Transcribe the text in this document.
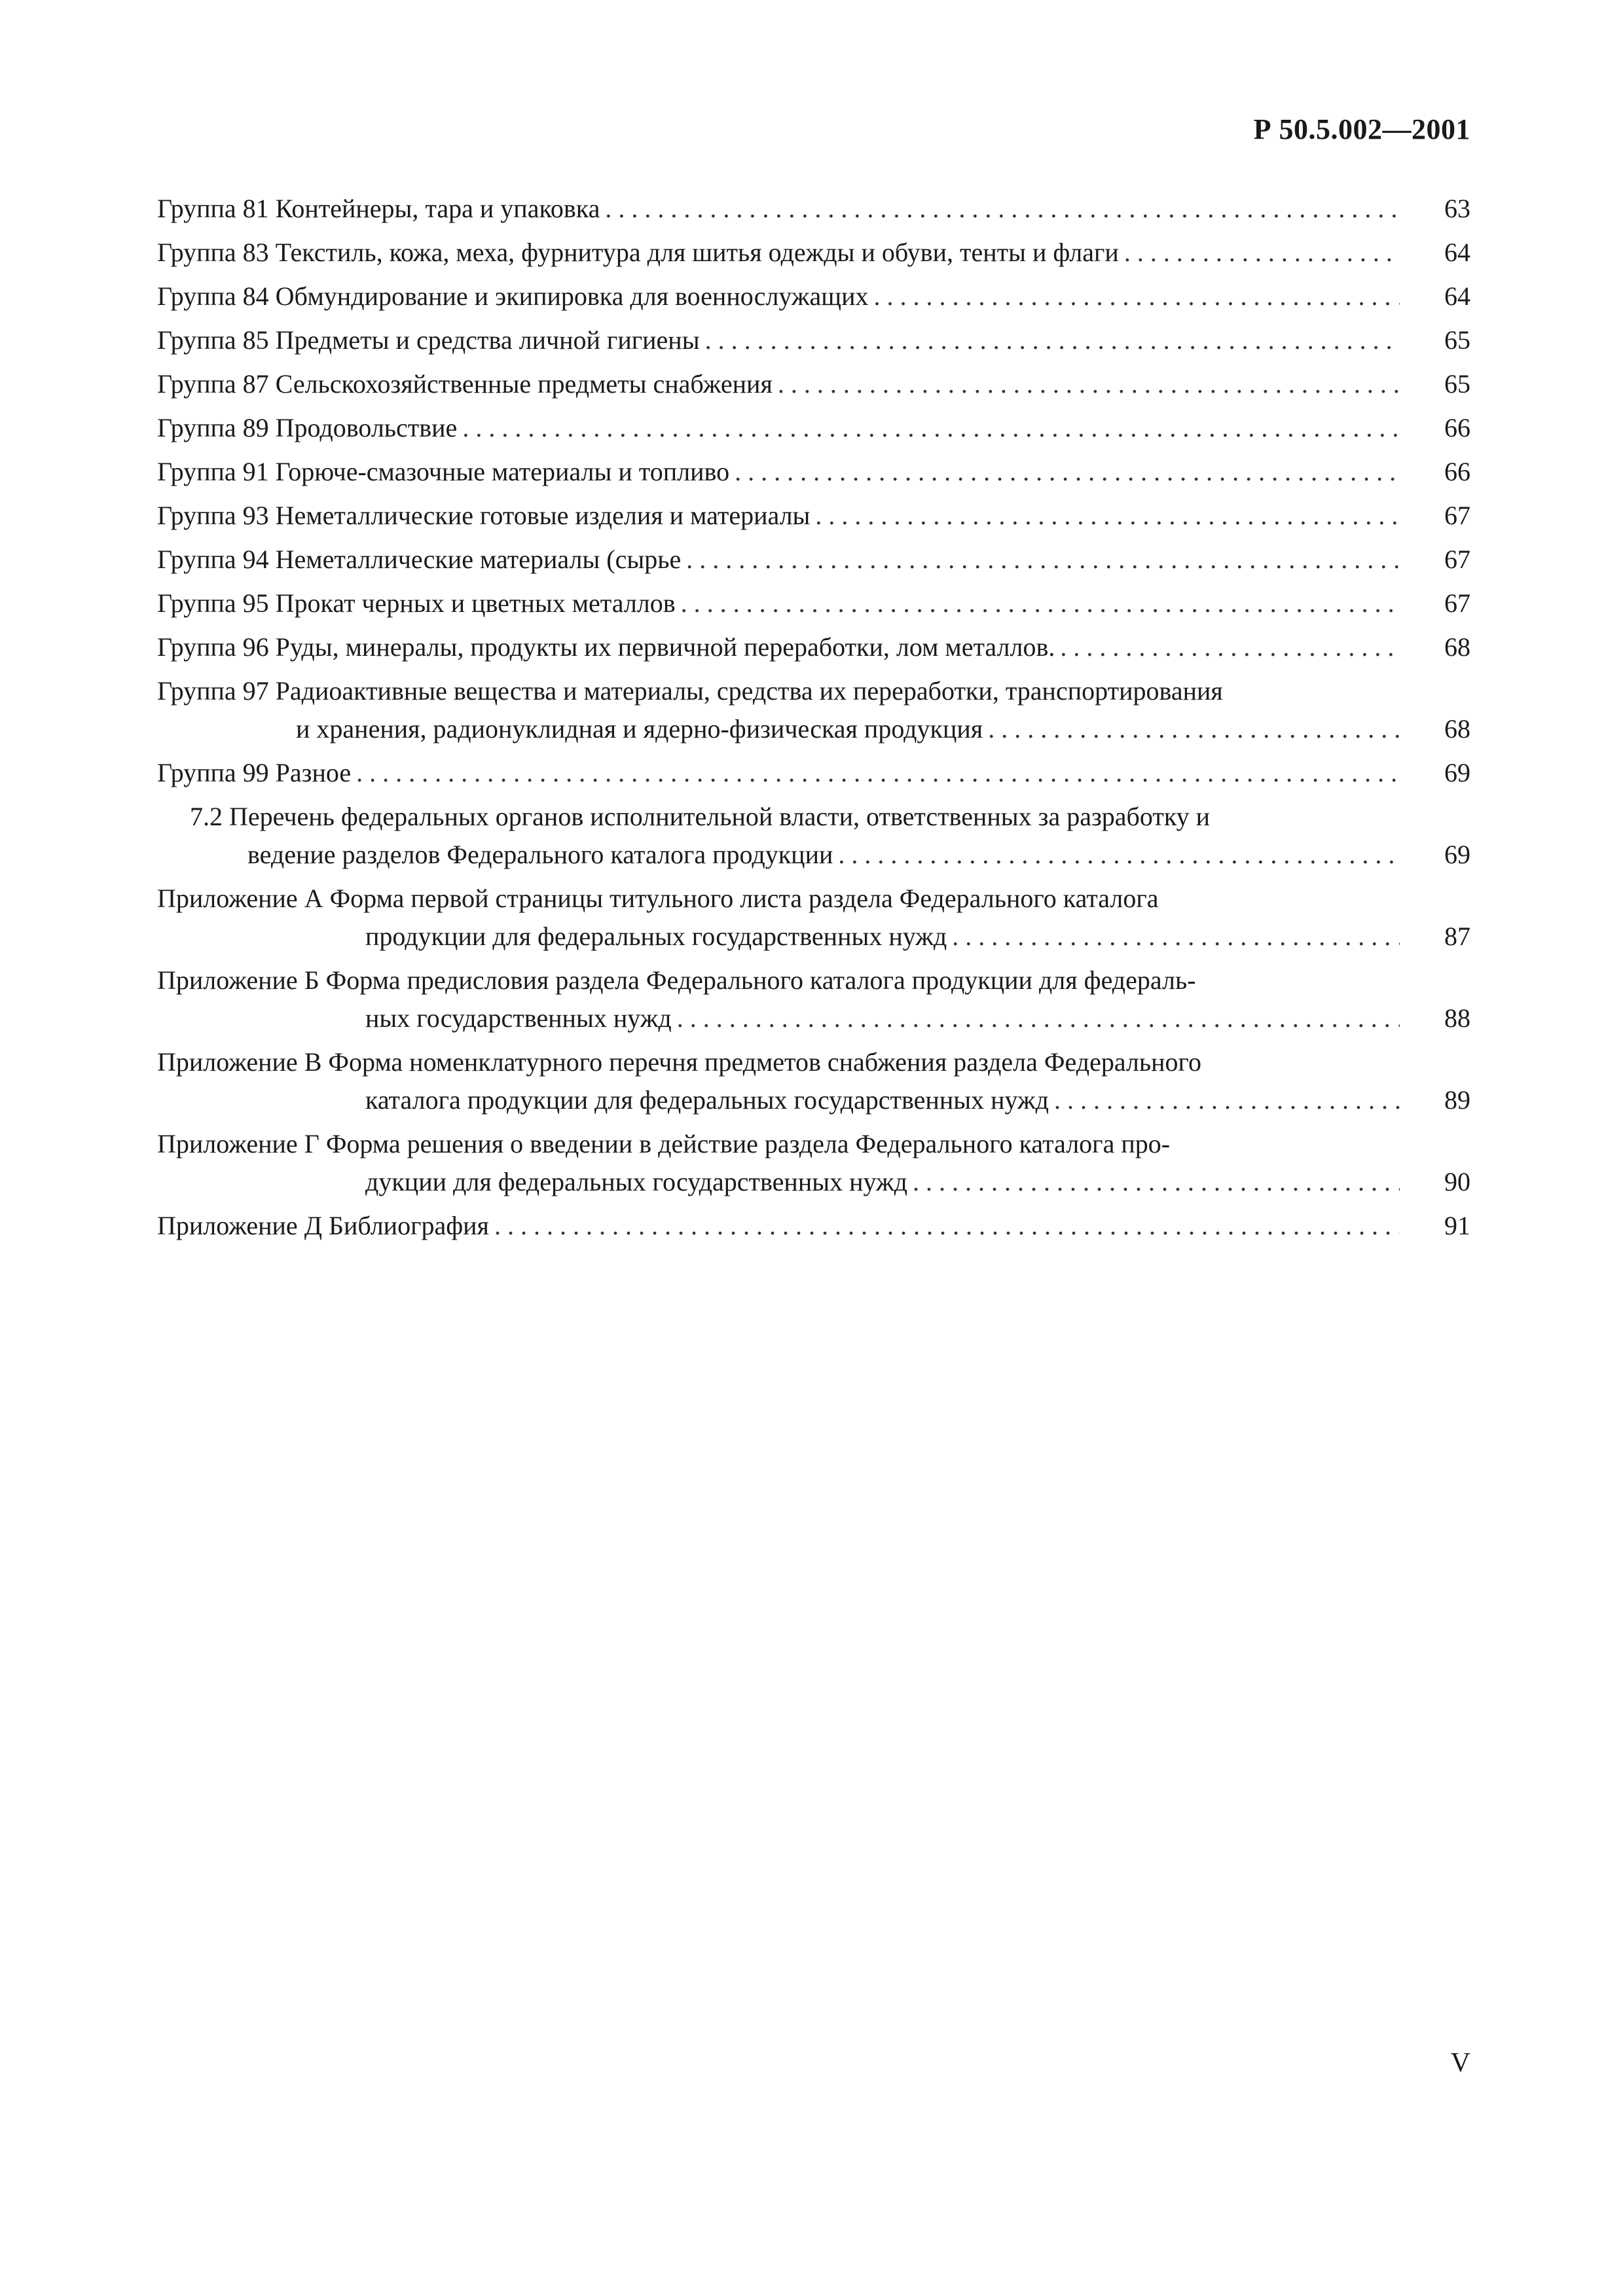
Р 50.5.002—2001
Группа 81 Контейнеры, тара и упаковка . . .	63
Группа 83 Текстиль, кожа, меха, фурнитура для шитья одежды и обуви, тенты и флаги . . .	64
Группа 84 Обмундирование и экипировка для военнослужащих . . .	64
Группа 85 Предметы и средства личной гигиены . . .	65
Группа 87 Сельскохозяйственные предметы снабжения . . .	65
Группа 89 Продовольствие . . .	66
Группа 91 Горюче-смазочные материалы и топливо . . .	66
Группа 93 Неметаллические готовые изделия и материалы . . .	67
Группа 94 Неметаллические материалы (сырье . . .	67
Группа 95 Прокат черных и цветных металлов . . .	67
Группа 96 Руды, минералы, продукты их первичной переработки, лом металлов. . . .	68
Группа 97 Радиоактивные вещества и материалы, средства их переработки, транспортирования
и хранения, радионуклидная и ядерно-физическая продукция . . .	68
Группа 99 Разное . . .	69
7.2 Перечень федеральных органов исполнительной власти, ответственных за разработку и
ведение разделов Федерального каталога продукции . . .	69
Приложение А Форма первой страницы титульного листа раздела Федерального каталога
продукции для федеральных государственных нужд . . .	87
Приложение Б Форма предисловия раздела Федерального каталога продукции для федераль-
ных государственных нужд . . .	88
Приложение В Форма номенклатурного перечня предметов снабжения раздела Федерального
каталога продукции для федеральных государственных нужд . . .	89
Приложение Г Форма решения о введении в действие раздела Федерального каталога про-
дукции для федеральных государственных нужд . . .	90
Приложение Д Библиография . . .	91
V
